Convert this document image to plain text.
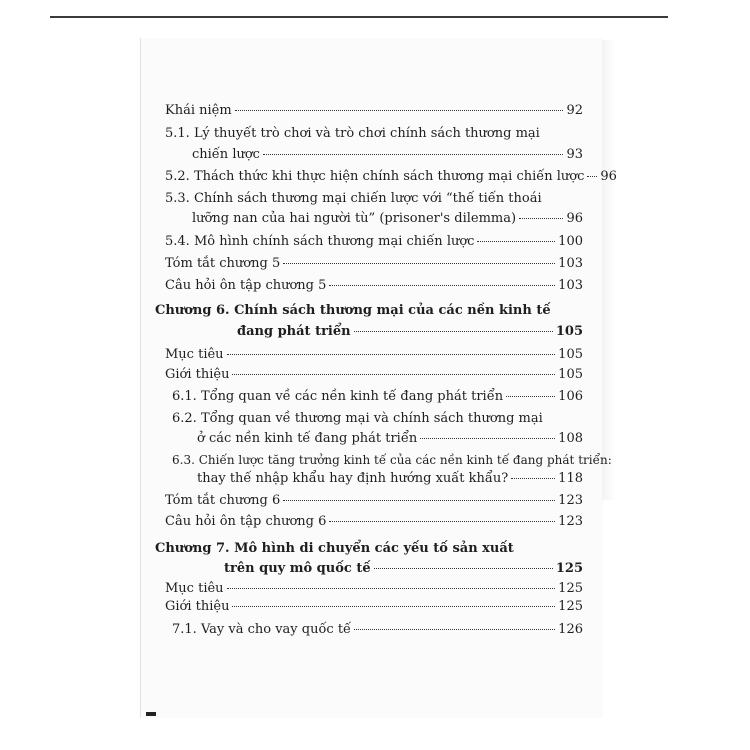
Khái niệm	92
5.1. Lý thuyết trò chơi và trò chơi chính sách thương mại
chiến lược	93
5.2. Thách thức khi thực hiện chính sách thương mại chiến lược 96
5.3. Chính sách thương mại chiến lược với “thế tiến thoái
lưỡng nan của hai người tù” (prisoner's dilemma)	96
5.4. Mô hình chính sách thương mại chiến lược	100
Tóm tắt chương 5	103
Câu hỏi ôn tập chương 5	103
Chương 6. Chính sách thương mại của các nền kinh tế
đang phát triển	105
Mục tiêu	105
Giới thiệu	105
6.1. Tổng quan về các nền kinh tế đang phát triển	106
6.2. Tổng quan về thương mại và chính sách thương mại
ở các nền kinh tế đang phát triển	108
6.3. Chiến lược tăng trưởng kinh tế của các nền kinh tế đang phát triển:
thay thế nhập khẩu hay định hướng xuất khẩu?	118
Tóm tắt chương 6	123
Câu hỏi ôn tập chương 6	123
Chương 7. Mô hình di chuyển các yếu tố sản xuất
trên quy mô quốc tế	125
Mục tiêu	125
Giới thiệu	125
7.1. Vay và cho vay quốc tế	126
